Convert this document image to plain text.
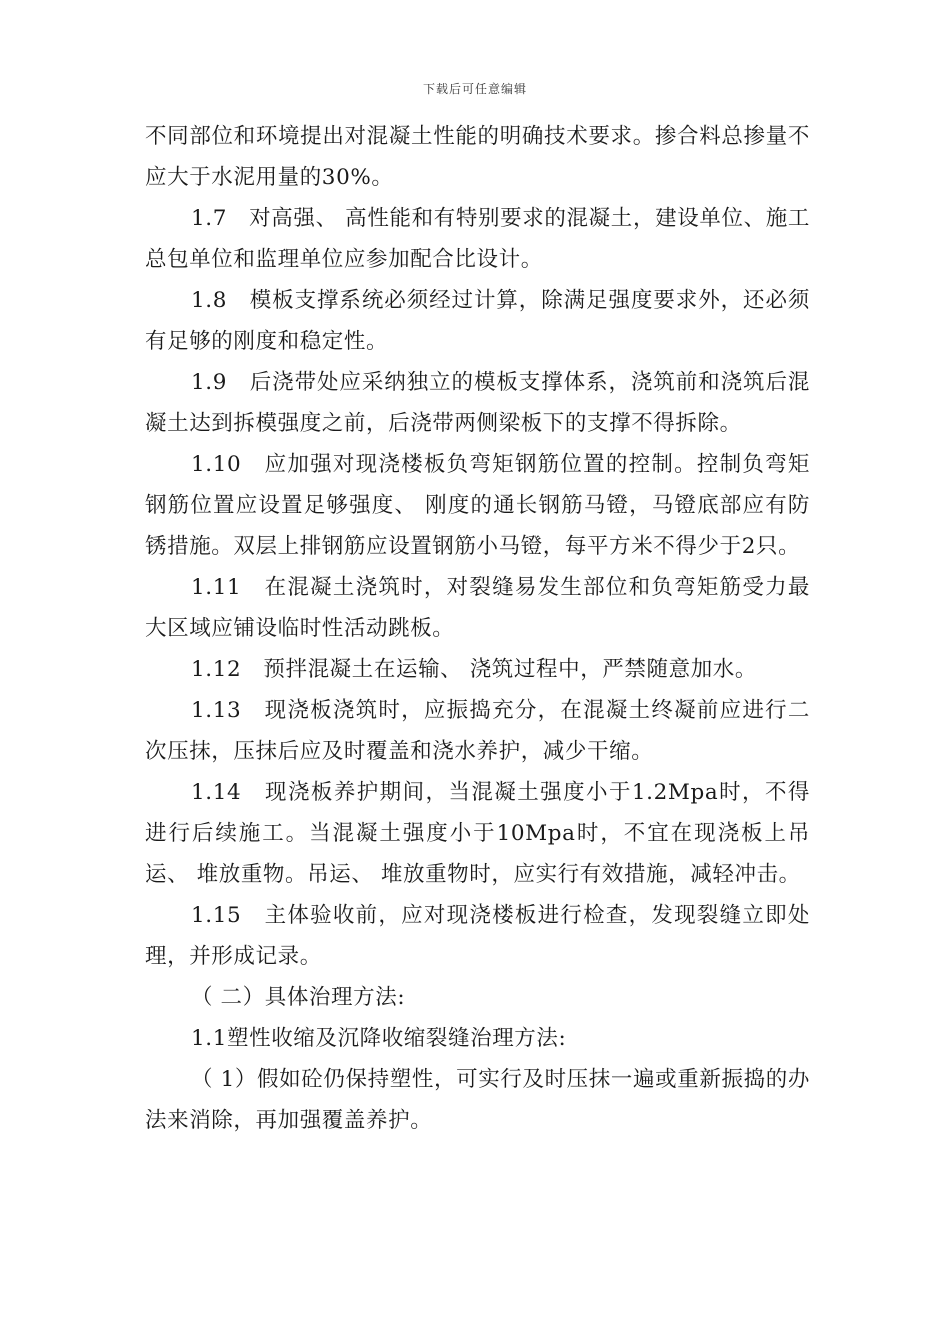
下载后可任意编辑

不同部位和环境提出对混凝土性能的明确技术要求。掺合料总掺量不应大于水泥用量的30%。

1.7　对高强、 高性能和有特别要求的混凝土，建设单位、施工总包单位和监理单位应参加配合比设计。

1.8　模板支撑系统必须经过计算，除满足强度要求外，还必须有足够的刚度和稳定性。

1.9　后浇带处应采纳独立的模板支撑体系，浇筑前和浇筑后混凝土达到拆模强度之前，后浇带两侧梁板下的支撑不得拆除。

1.10　应加强对现浇楼板负弯矩钢筋位置的控制。控制负弯矩钢筋位置应设置足够强度、 刚度的通长钢筋马镫，马镫底部应有防锈措施。双层上排钢筋应设置钢筋小马镫，每平方米不得少于2只。

1.11　在混凝土浇筑时，对裂缝易发生部位和负弯矩筋受力最大区域应铺设临时性活动跳板。

1.12　预拌混凝土在运输、 浇筑过程中，严禁随意加水。

1.13　现浇板浇筑时，应振捣充分，在混凝土终凝前应进行二次压抹，压抹后应及时覆盖和浇水养护，减少干缩。

1.14　现浇板养护期间，当混凝土强度小于1.2Mpa时，不得进行后续施工。当混凝土强度小于10Mpa时，不宜在现浇板上吊运、 堆放重物。吊运、 堆放重物时，应实行有效措施，减轻冲击。

1.15　主体验收前，应对现浇楼板进行检查，发现裂缝立即处理，并形成记录。

（ 二）具体治理方法:

1.1塑性收缩及沉降收缩裂缝治理方法:

（ 1）假如砼仍保持塑性，可实行及时压抹一遍或重新振捣的办法来消除，再加强覆盖养护。
